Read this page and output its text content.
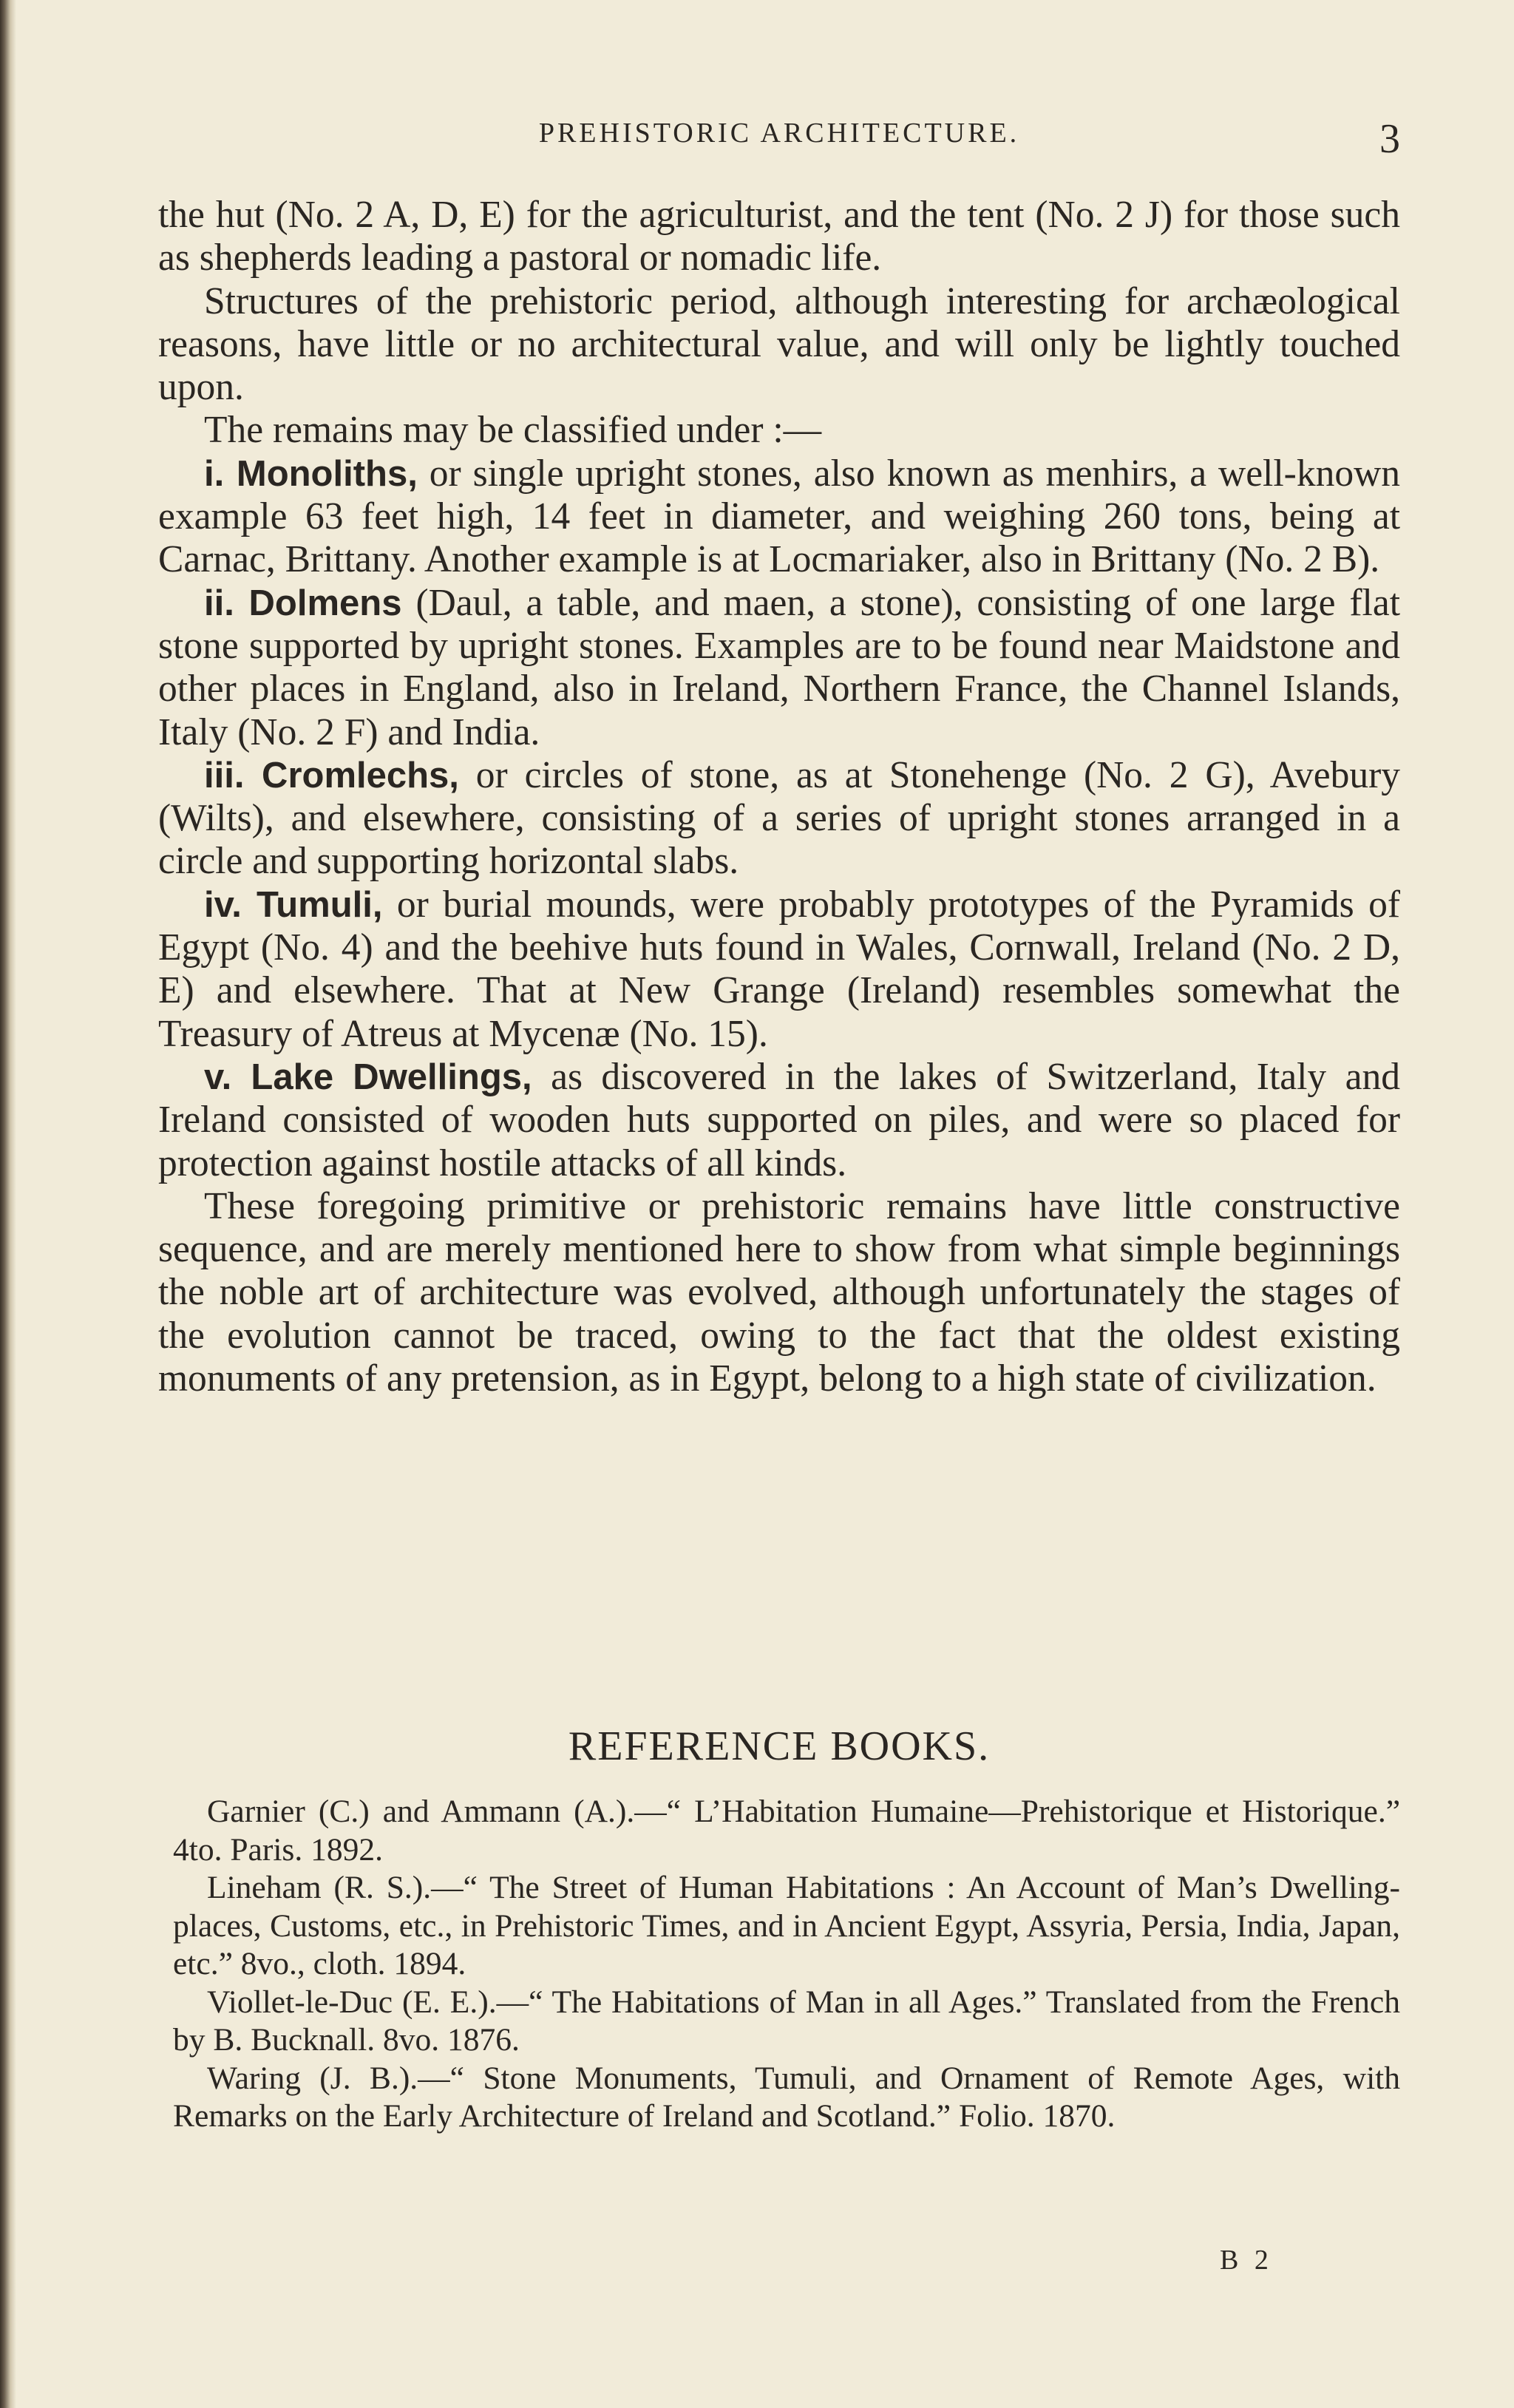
PREHISTORIC ARCHITECTURE.	3

the hut (No. 2 A, D, E) for the agriculturist, and the tent (No. 2 J) for those such as shepherds leading a pastoral or nomadic life.

Structures of the prehistoric period, although interesting for archæological reasons, have little or no architectural value, and will only be lightly touched upon.

The remains may be classified under :—

i. Monoliths, or single upright stones, also known as menhirs, a well-known example 63 feet high, 14 feet in diameter, and weighing 260 tons, being at Carnac, Brittany. Another example is at Locmariaker, also in Brittany (No. 2 B).

ii. Dolmens (Daul, a table, and maen, a stone), consisting of one large flat stone supported by upright stones. Examples are to be found near Maidstone and other places in England, also in Ireland, Northern France, the Channel Islands, Italy (No. 2 F) and India.

iii. Cromlechs, or circles of stone, as at Stonehenge (No. 2 G), Avebury (Wilts), and elsewhere, consisting of a series of upright stones arranged in a circle and supporting horizontal slabs.

iv. Tumuli, or burial mounds, were probably prototypes of the Pyramids of Egypt (No. 4) and the beehive huts found in Wales, Cornwall, Ireland (No. 2 D, E) and elsewhere. That at New Grange (Ireland) resembles somewhat the Treasury of Atreus at Mycenæ (No. 15).

v. Lake Dwellings, as discovered in the lakes of Switzerland, Italy and Ireland consisted of wooden huts supported on piles, and were so placed for protection against hostile attacks of all kinds.

These foregoing primitive or prehistoric remains have little constructive sequence, and are merely mentioned here to show from what simple beginnings the noble art of architecture was evolved, although unfortunately the stages of the evolution cannot be traced, owing to the fact that the oldest existing monuments of any pretension, as in Egypt, belong to a high state of civilization.

REFERENCE BOOKS.

Garnier (C.) and Ammann (A.).—“ L’Habitation Humaine—Prehistorique et Historique.” 4to. Paris. 1892.

Lineham (R. S.).—“ The Street of Human Habitations : An Account of Man’s Dwelling-places, Customs, etc., in Prehistoric Times, and in Ancient Egypt, Assyria, Persia, India, Japan, etc.” 8vo., cloth. 1894.

Viollet-le-Duc (E. E.).—“ The Habitations of Man in all Ages.” Translated from the French by B. Bucknall. 8vo. 1876.

Waring (J. B.).—“ Stone Monuments, Tumuli, and Ornament of Remote Ages, with Remarks on the Early Architecture of Ireland and Scotland.” Folio. 1870.

B 2
